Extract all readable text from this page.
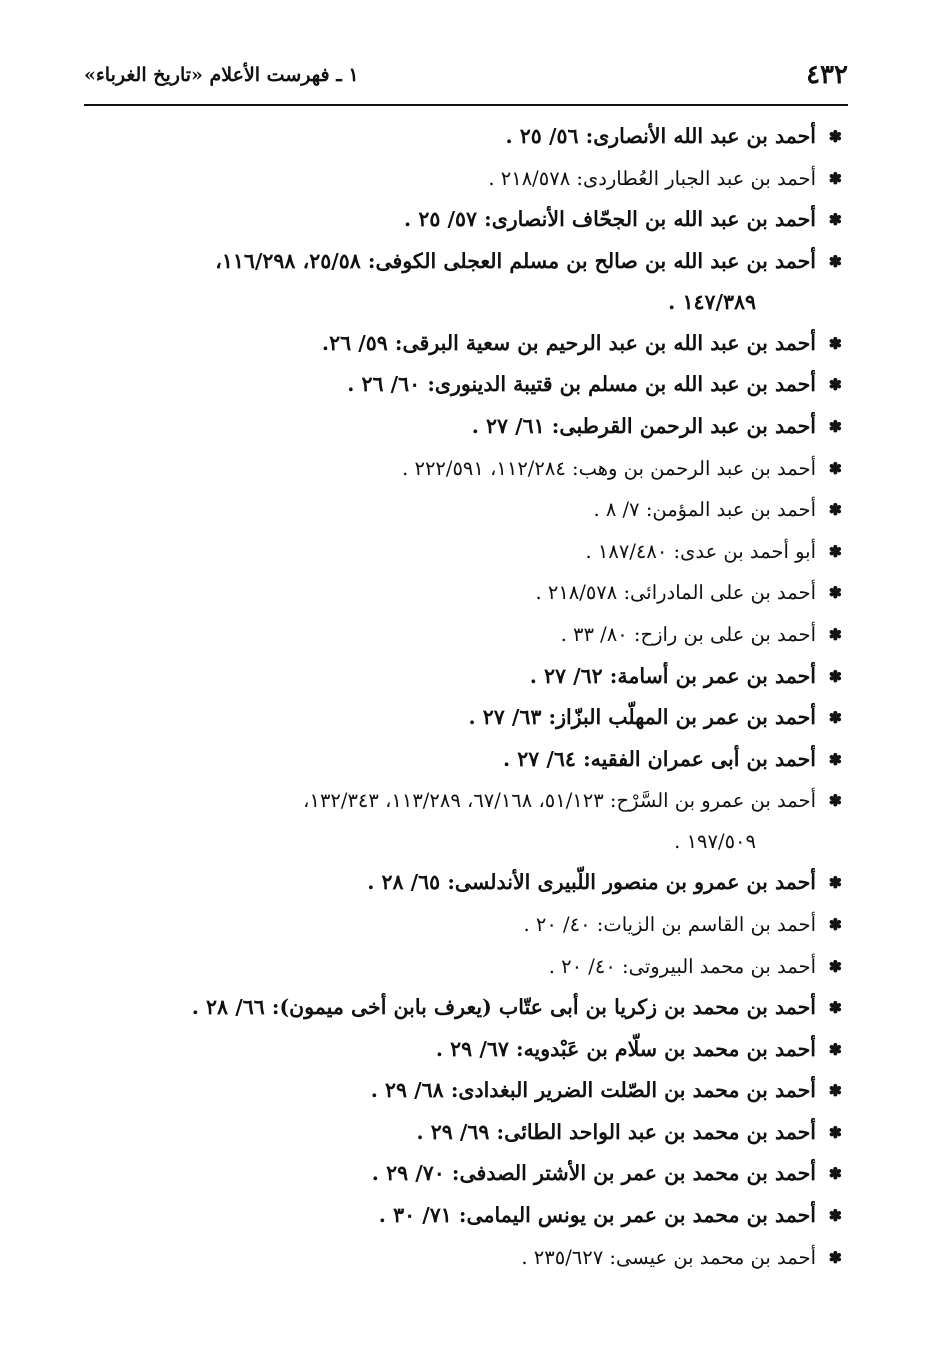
٤٣٢
١ ـ فهرست الأعلام «تاريخ الغرباء»
✽
أحمد بن عبد الله الأنصارى: ٥٦/ ٢٥ .
✽
أحمد بن عبد الجبار العُطاردى: ٢١٨/٥٧٨ .
✽
أحمد بن عبد الله بن الجحّاف الأنصارى: ٥٧/ ٢٥ .
✽
أحمد بن عبد الله بن صالح بن مسلم العجلى الكوفى: ٢٥/٥٨، ١١٦/٢٩٨،
١٤٧/٣٨٩ .
✽
أحمد بن عبد الله بن عبد الرحيم بن سعية البرقى: ٥٩/ ٢٦.
✽
أحمد بن عبد الله بن مسلم بن قتيبة الدينورى: ٦٠/ ٢٦ .
✽
أحمد بن عبد الرحمن القرطبى: ٦١/ ٢٧ .
✽
أحمد بن عبد الرحمن بن وهب: ١١٢/٢٨٤، ٢٢٢/٥٩١ .
✽
أحمد بن عبد المؤمن: ٧/ ٨ .
✽
أبو أحمد بن عدى: ١٨٧/٤٨٠ .
✽
أحمد بن على المادرائى: ٢١٨/٥٧٨ .
✽
أحمد بن على بن رازح: ٨٠/ ٣٣ .
✽
أحمد بن عمر بن أسامة: ٦٢/ ٢٧ .
✽
أحمد بن عمر بن المهلّب البزّاز: ٦٣/ ٢٧ .
✽
أحمد بن أبى عمران الفقيه: ٦٤/ ٢٧ .
✽
أحمد بن عمرو بن السَّرْح: ٥١/١٢٣، ٦٧/١٦٨، ١١٣/٢٨٩، ١٣٢/٣٤٣،
١٩٧/٥٠٩ .
✽
أحمد بن عمرو بن منصور اللّبيرى الأندلسى: ٦٥/ ٢٨ .
✽
أحمد بن القاسم بن الزيات: ٤٠/ ٢٠ .
✽
أحمد بن محمد البيروتى: ٤٠/ ٢٠ .
✽
أحمد بن محمد بن زكريا بن أبى عتّاب (يعرف بابن أخى ميمون): ٦٦/ ٢٨ .
✽
أحمد بن محمد بن سلّام بن عَبْدويه: ٦٧/ ٢٩ .
✽
أحمد بن محمد بن الصّلت الضرير البغدادى: ٦٨/ ٢٩ .
✽
أحمد بن محمد بن عبد الواحد الطائى: ٦٩/ ٢٩ .
✽
أحمد بن محمد بن عمر بن الأشتر الصدفى: ٧٠/ ٢٩ .
✽
أحمد بن محمد بن عمر بن يونس اليمامى: ٧١/ ٣٠ .
✽
أحمد بن محمد بن عيسى: ٢٣٥/٦٢٧ .
